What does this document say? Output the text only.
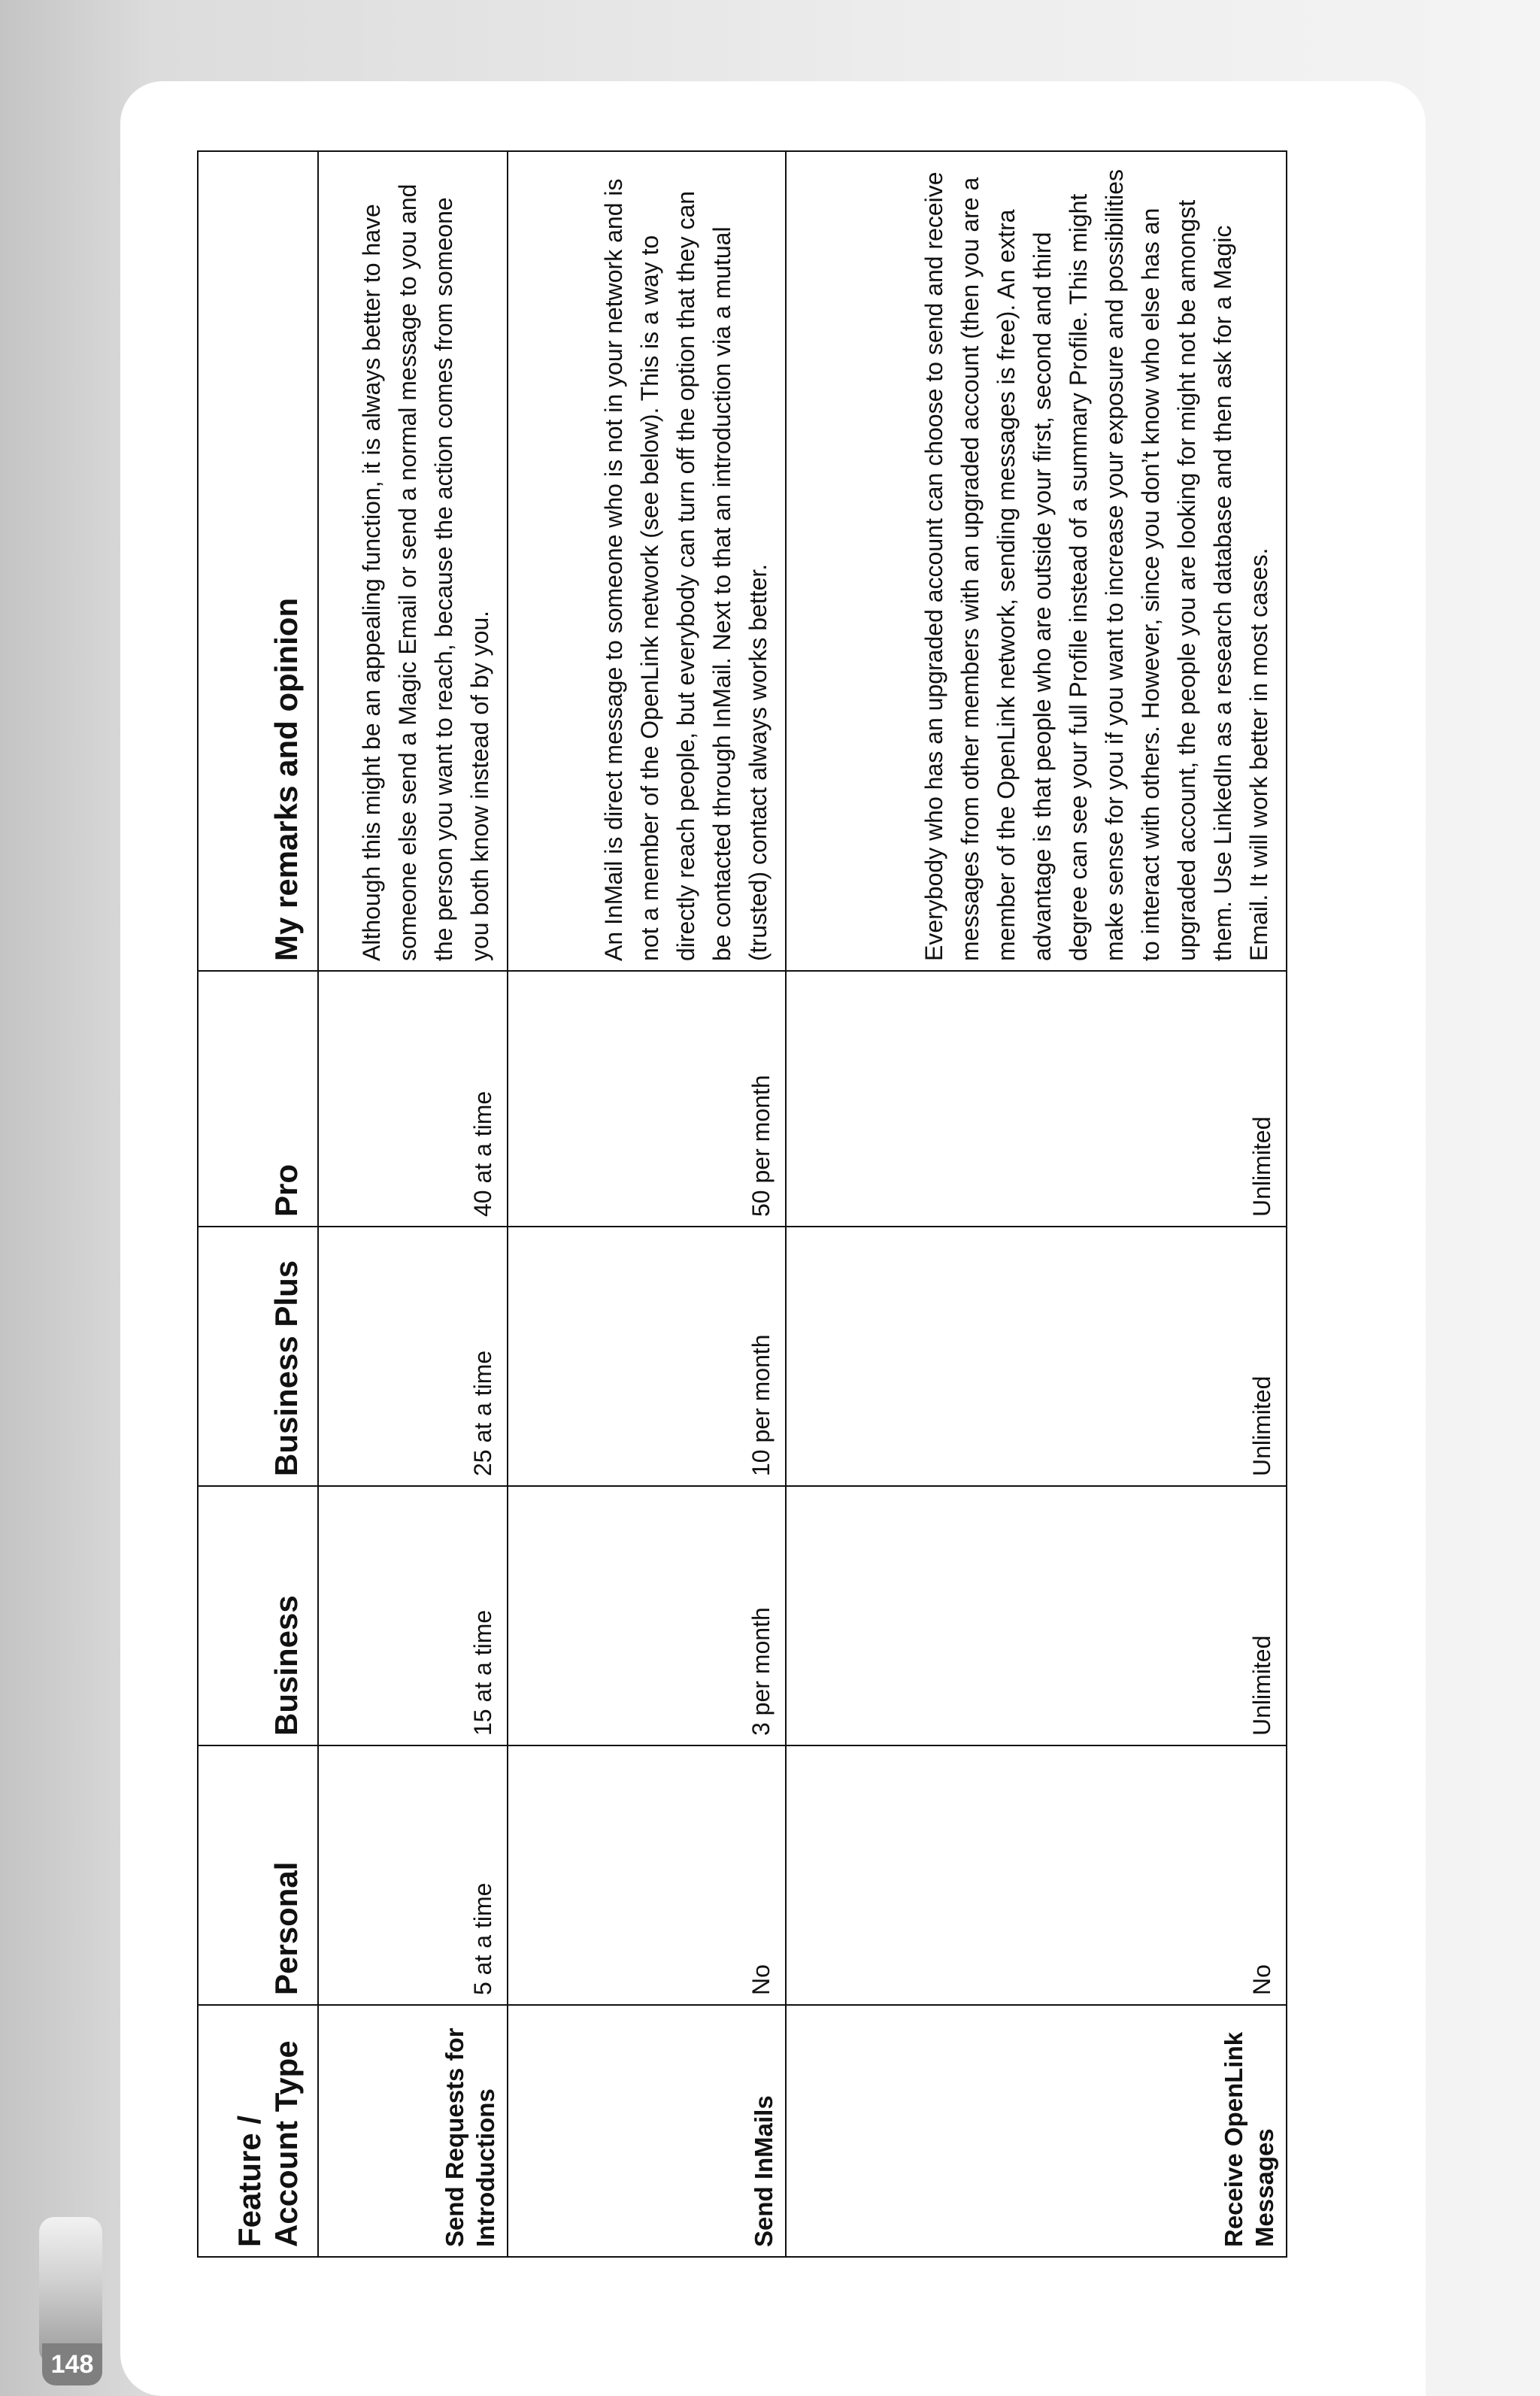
148
Feature / Account Type	Personal	Business	Business Plus	Pro	My remarks and opinion
Send Requests for Introductions	5 at a time	15 at a time	25 at a time	40 at a time	Although this might be an appealing function, it is always better to have someone else send a Magic Email or send a normal message to you and the person you want to reach, because the action comes from someone you both know instead of by you.
Send InMails	No	3 per month	10 per month	50 per month	An InMail is direct message to someone who is not in your network and is not a member of the OpenLink network (see below). This is a way to directly reach people, but everybody can turn off the option that they can be contacted through InMail. Next to that an introduction via a mutual (trusted) contact always works better.
Receive OpenLink Messages	No	Unlimited	Unlimited	Unlimited	Everybody who has an upgraded account can choose to send and receive messages from other members with an upgraded account (then you are a member of the OpenLink network, sending messages is free). An extra advantage is that people who are outside your first, second and third degree can see your full Profile instead of a summary Profile. This might make sense for you if you want to increase your exposure and possibilities to interact with others. However, since you don’t know who else has an upgraded account, the people you are looking for might not be amongst them. Use LinkedIn as a research database and then ask for a Magic Email. It will work better in most cases.
